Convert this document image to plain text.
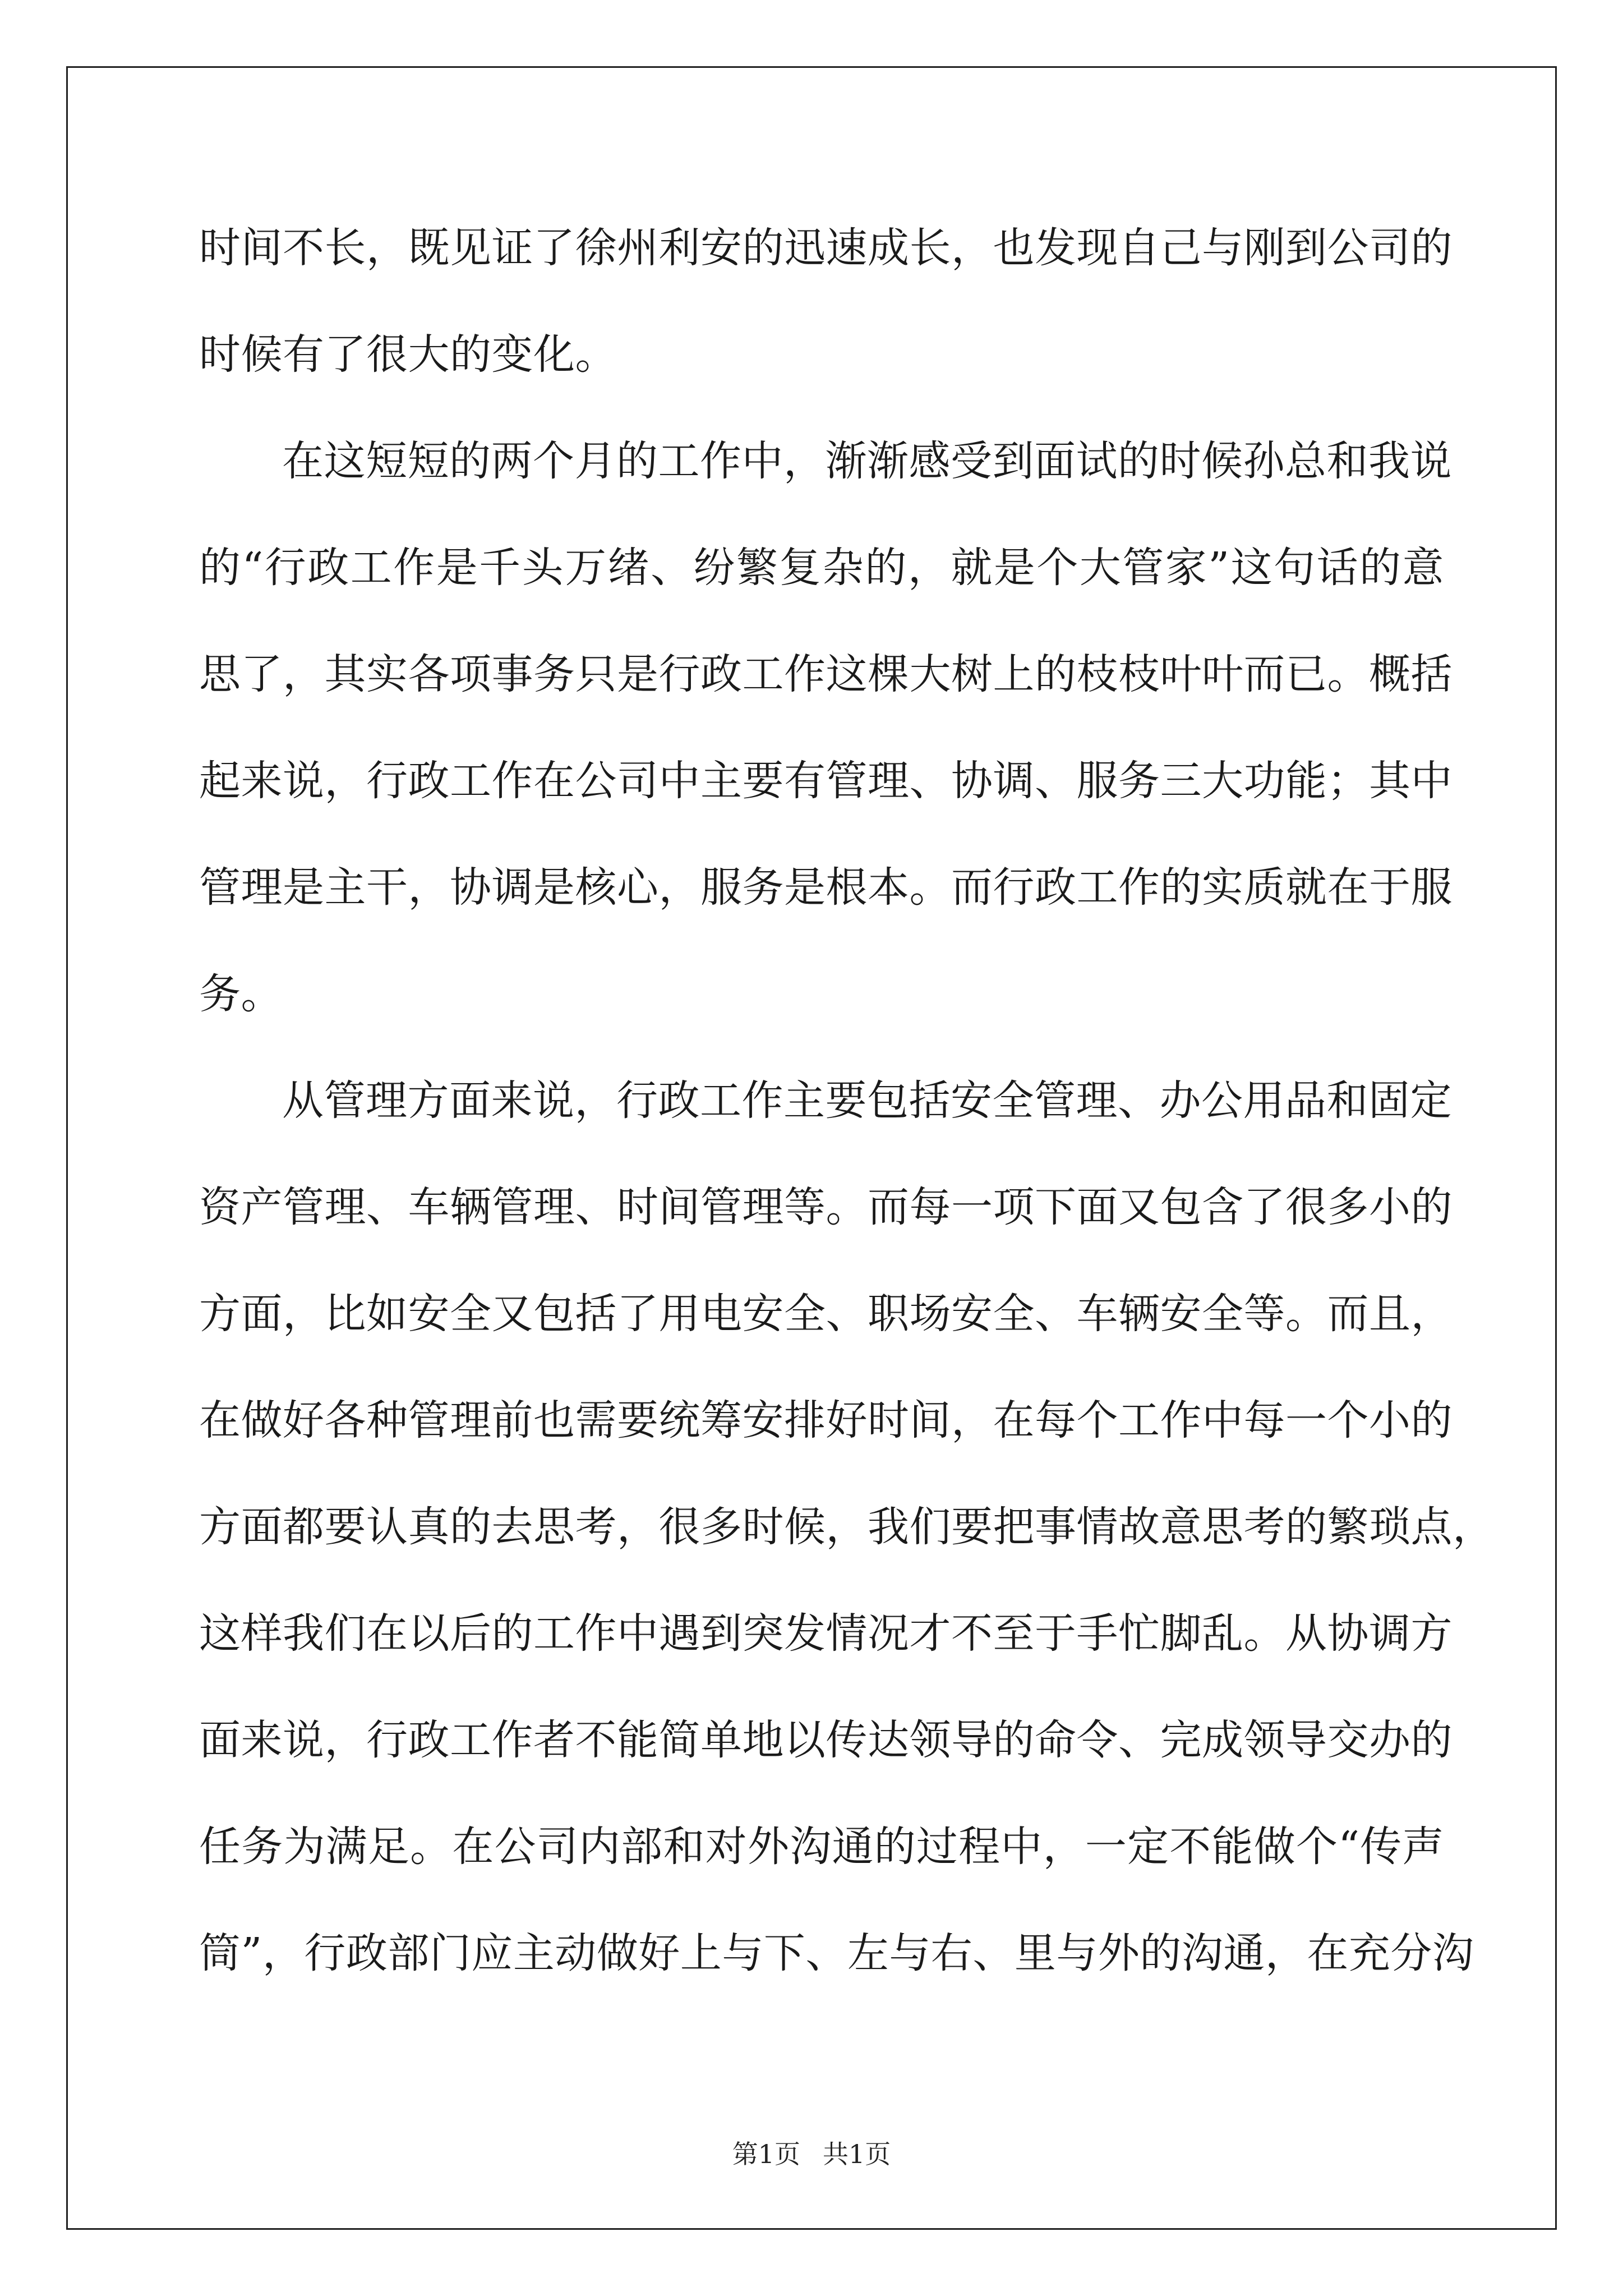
时间不长，既见证了徐州利安的迅速成长，也发现自己与刚到公司的
时候有了很大的变化。
在这短短的两个月的工作中，渐渐感受到面试的时候孙总和我说
的“行政工作是千头万绪、纷繁复杂的，就是个大管家”这句话的意
思了，其实各项事务只是行政工作这棵大树上的枝枝叶叶而已。概括
起来说，行政工作在公司中主要有管理、协调、服务三大功能；其中
管理是主干，协调是核心，服务是根本。而行政工作的实质就在于服
务。
从管理方面来说，行政工作主要包括安全管理、办公用品和固定
资产管理、车辆管理、时间管理等。而每一项下面又包含了很多小的
方面，比如安全又包括了用电安全、职场安全、车辆安全等。而且，
在做好各种管理前也需要统筹安排好时间，在每个工作中每一个小的
方面都要认真的去思考，很多时候，我们要把事情故意思考的繁琐点，
这样我们在以后的工作中遇到突发情况才不至于手忙脚乱。从协调方
面来说，行政工作者不能简单地以传达领导的命令、完成领导交办的
任务为满足。在公司内部和对外沟通的过程中，一定不能做个“传声
筒”，行政部门应主动做好上与下、左与右、里与外的沟通，在充分沟
第1页 共1页
